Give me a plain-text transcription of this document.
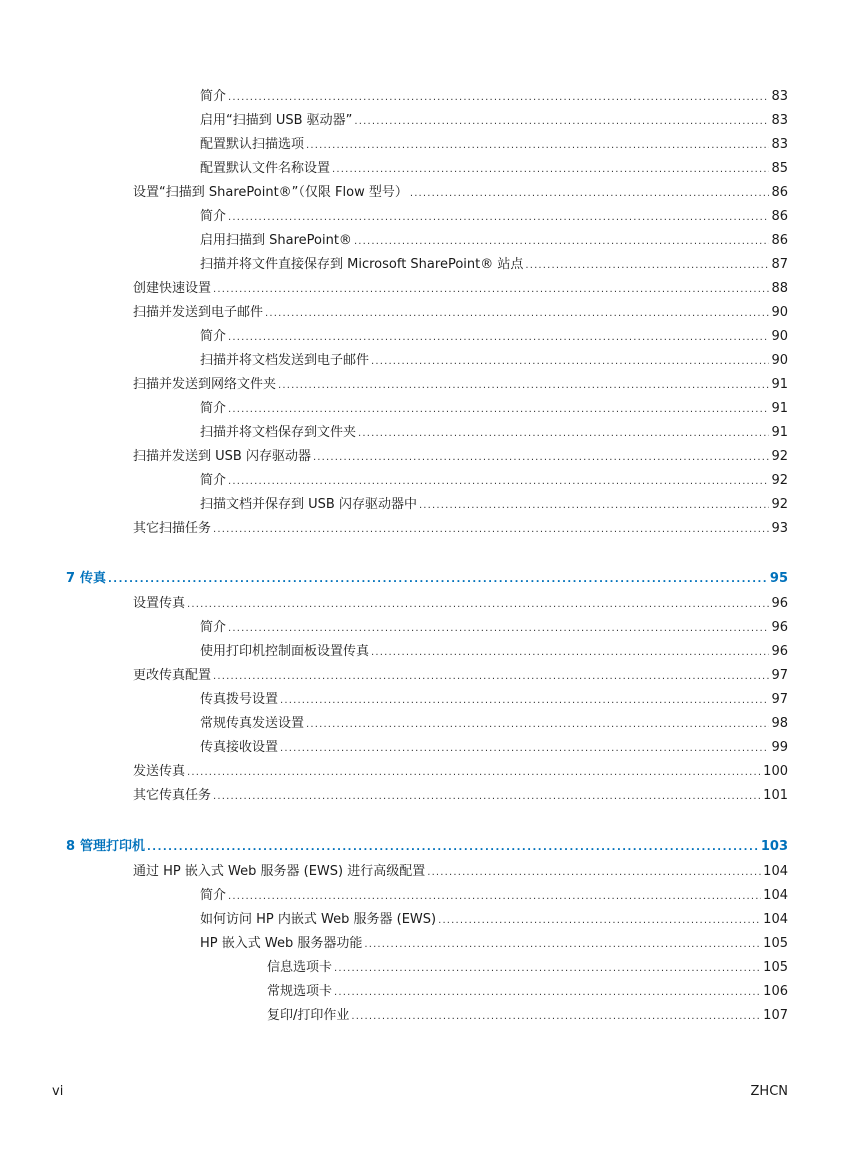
简介 . . .	83
启用“扫描到 USB 驱动器” . . .	83
配置默认扫描选项 . . .	83
配置默认文件名称设置 . . .	85
设置“扫描到 SharePoint®”（仅限 Flow 型号） . . .	86
简介 . . .	86
启用扫描到 SharePoint® . . .	86
扫描并将文件直接保存到 Microsoft SharePoint® 站点 . . .	87
创建快速设置 . . .	88
扫描并发送到电子邮件 . . .	90
简介 . . .	90
扫描并将文档发送到电子邮件 . . .	90
扫描并发送到网络文件夹 . . .	91
简介 . . .	91
扫描并将文档保存到文件夹 . . .	91
扫描并发送到 USB 闪存驱动器 . . .	92
简介 . . .	92
扫描文档并保存到 USB 闪存驱动器中 . . .	92
其它扫描任务 . . .	93
7 传真 . . .	95
设置传真 . . .	96
简介 . . .	96
使用打印机控制面板设置传真 . . .	96
更改传真配置 . . .	97
传真拨号设置 . . .	97
常规传真发送设置 . . .	98
传真接收设置 . . .	99
发送传真 . . .	100
其它传真任务 . . .	101
8 管理打印机 . . .	103
通过 HP 嵌入式 Web 服务器 (EWS) 进行高级配置 . . .	104
简介 . . .	104
如何访问 HP 内嵌式 Web 服务器 (EWS) . . .	104
HP 嵌入式 Web 服务器功能 . . .	105
信息选项卡 . . .	105
常规选项卡 . . .	106
复印/打印作业 . . .	107
vi	ZHCN
